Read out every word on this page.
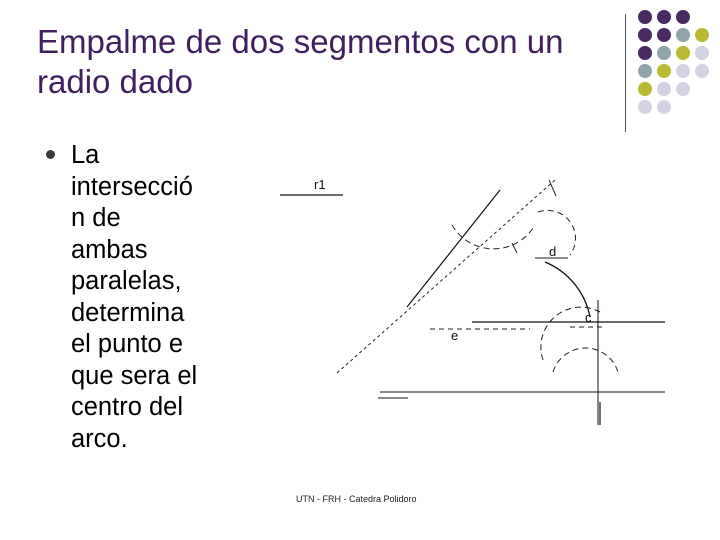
Empalme de dos segmentos con un radio dado
La
intersecció
n de
ambas
paralelas,
determina
el punto e
que sera el
centro del
arco.
r1
d
e
c
UTN - FRH - Catedra Polidoro
